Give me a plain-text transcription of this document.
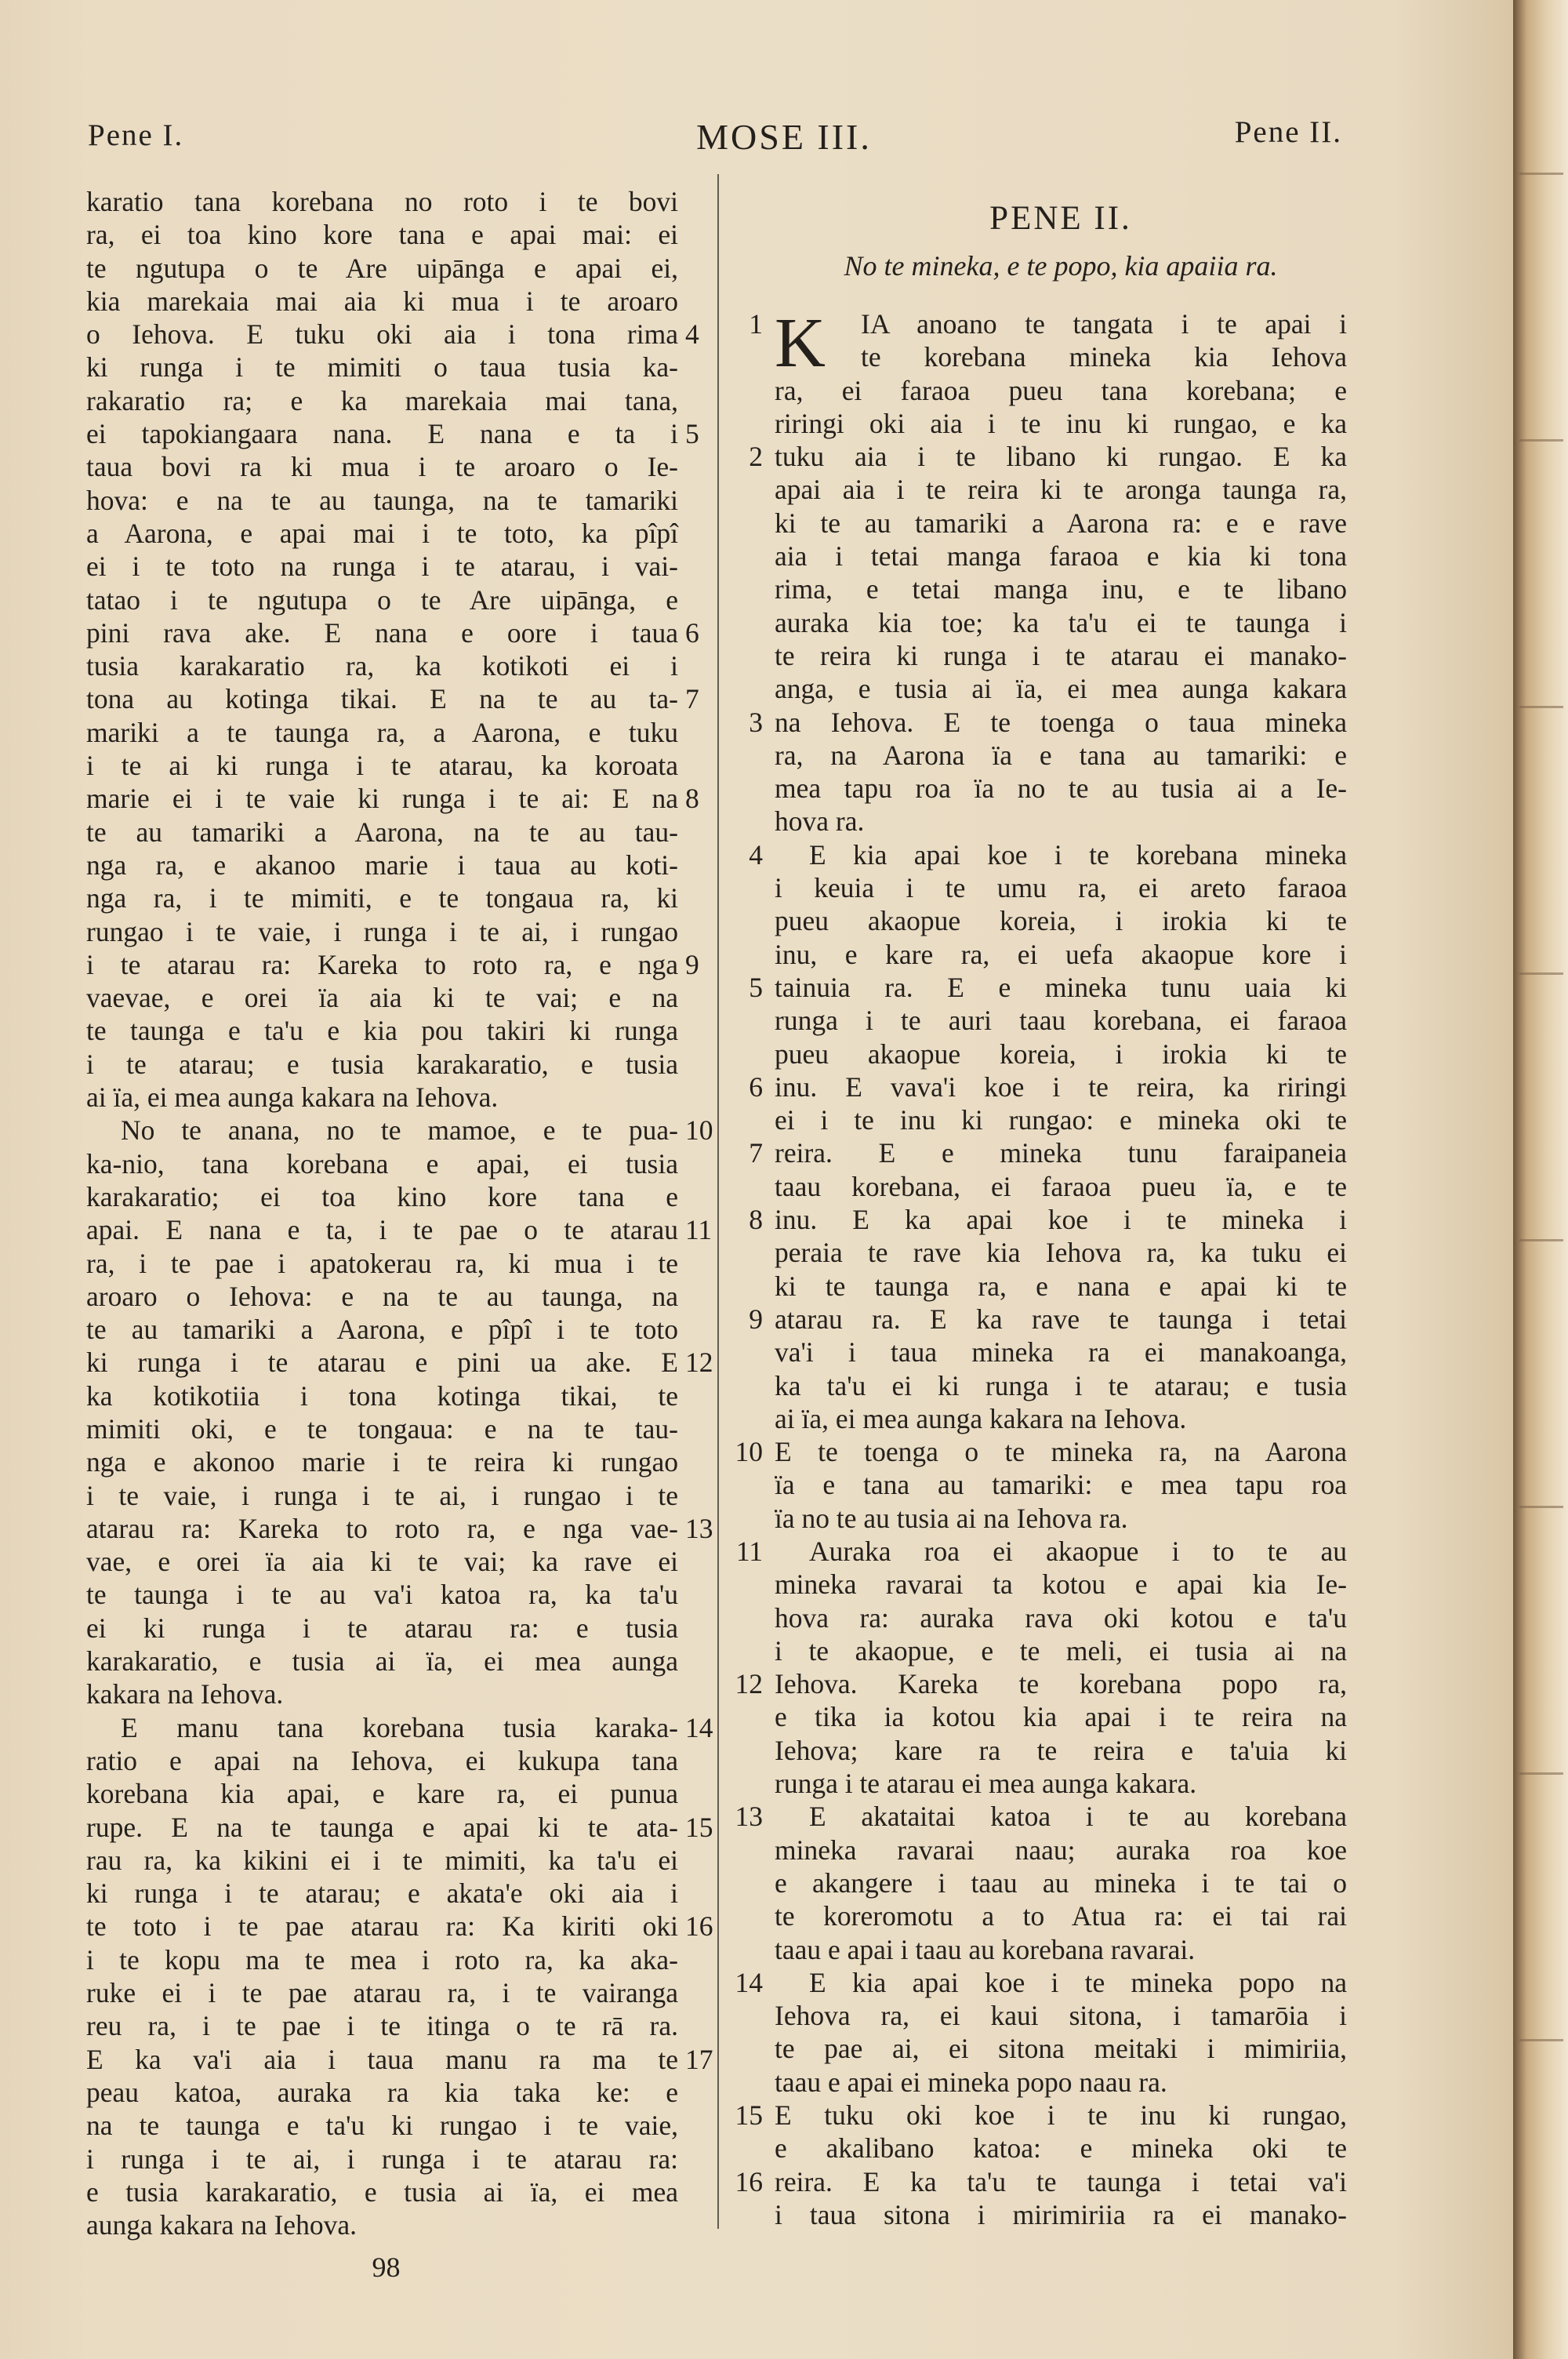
Pene I.	MOSE III.	Pene II.
karatio tana korebana no roto i te bovi
ra, ei toa kino kore tana e apai mai: ei
te ngutupa o te Are uipānga e apai ei,
kia marekaia mai aia ki mua i te aroaro
o Iehova. E tuku oki aia i tona rima 4
ki runga i te mimiti o taua tusia ka-
rakaratio ra; e ka marekaia mai tana,
ei tapokiangaara nana. E nana e ta i 5
taua bovi ra ki mua i te aroaro o Ie-
hova: e na te au taunga, na te tamariki
a Aarona, e apai mai i te toto, ka pîpî
ei i te toto na runga i te atarau, i vai-
tatao i te ngutupa o te Are uipānga, e
pini rava ake. E nana e oore i taua 6
tusia karakaratio ra, ka kotikoti ei i
tona au kotinga tikai. E na te au ta- 7
mariki a te taunga ra, a Aarona, e tuku
i te ai ki runga i te atarau, ka koroata
marie ei i te vaie ki runga i te ai: E na 8
te au tamariki a Aarona, na te au tau-
nga ra, e akanoo marie i taua au koti-
nga ra, i te mimiti, e te tongaua ra, ki
rungao i te vaie, i runga i te ai, i rungao
i te atarau ra: Kareka to roto ra, e nga 9
vaevae, e orei ïa aia ki te vai; e na
te taunga e ta'u e kia pou takiri ki runga
i te atarau; e tusia karakaratio, e tusia
ai ïa, ei mea aunga kakara na Iehova.
No te anana, no te mamoe, e te pua- 10
ka-nio, tana korebana e apai, ei tusia
karakaratio; ei toa kino kore tana e
apai. E nana e ta, i te pae o te atarau 11
ra, i te pae i apatokerau ra, ki mua i te
aroaro o Iehova: e na te au taunga, na
te au tamariki a Aarona, e pîpî i te toto
ki runga i te atarau e pini ua ake. E 12
ka kotikotiia i tona kotinga tikai, te
mimiti oki, e te tongaua: e na te tau-
nga e akonoo marie i te reira ki rungao
i te vaie, i runga i te ai, i rungao i te
atarau ra: Kareka to roto ra, e nga vae- 13
vae, e orei ïa aia ki te vai; ka rave ei
te taunga i te au va'i katoa ra, ka ta'u
ei ki runga i te atarau ra: e tusia
karakaratio, e tusia ai ïa, ei mea aunga
kakara na Iehova.
E manu tana korebana tusia karaka- 14
ratio e apai na Iehova, ei kukupa tana
korebana kia apai, e kare ra, ei punua
rupe. E na te taunga e apai ki te ata- 15
rau ra, ka kikini ei i te mimiti, ka ta'u ei
ki runga i te atarau; e akata'e oki aia i
te toto i te pae atarau ra: Ka kiriti oki 16
i te kopu ma te mea i roto ra, ka aka-
ruke ei i te pae atarau ra, i te vairanga
reu ra, i te pae i te itinga o te rā ra.
E ka va'i aia i taua manu ra ma te 17
peau katoa, auraka ra kia taka ke: e
na te taunga e ta'u ki rungao i te vaie,
i runga i te ai, i runga i te atarau ra:
e tusia karakaratio, e tusia ai ïa, ei mea
aunga kakara na Iehova.
PENE II.
No te mineka, e te popo, kia apaiia ra.
IA anoano te tangata i te apai i
1
te korebana mineka kia Iehova
ra, ei faraoa pueu tana korebana; e
riringi oki aia i te inu ki rungao, e ka
tuku aia i te libano ki rungao. E ka
2
apai aia i te reira ki te aronga taunga ra,
ki te au tamariki a Aarona ra: e e rave
aia i tetai manga faraoa e kia ki tona
rima, e tetai manga inu, e te libano
auraka kia toe; ka ta'u ei te taunga i
te reira ki runga i te atarau ei manako-
anga, e tusia ai ïa, ei mea aunga kakara
na Iehova. E te toenga o taua mineka
3
ra, na Aarona ïa e tana au tamariki: e
mea tapu roa ïa no te au tusia ai a Ie-
hova ra.
E kia apai koe i te korebana mineka
4
i keuia i te umu ra, ei areto faraoa
pueu akaopue koreia, i irokia ki te
inu, e kare ra, ei uefa akaopue kore i
tainuia ra. E e mineka tunu uaia ki
5
runga i te auri taau korebana, ei faraoa
pueu akaopue koreia, i irokia ki te
inu. E vava'i koe i te reira, ka riringi
6
ei i te inu ki rungao: e mineka oki te
reira. E e mineka tunu faraipaneia
7
taau korebana, ei faraoa pueu ïa, e te
inu. E ka apai koe i te mineka i
8
peraia te rave kia Iehova ra, ka tuku ei
ki te taunga ra, e nana e apai ki te
atarau ra. E ka rave te taunga i tetai
9
va'i i taua mineka ra ei manakoanga,
ka ta'u ei ki runga i te atarau; e tusia
ai ïa, ei mea aunga kakara na Iehova.
E te toenga o te mineka ra, na Aarona
10
ïa e tana au tamariki: e mea tapu roa
ïa no te au tusia ai na Iehova ra.
Auraka roa ei akaopue i to te au
11
mineka ravarai ta kotou e apai kia Ie-
hova ra: auraka rava oki kotou e ta'u
i te akaopue, e te meli, ei tusia ai na
Iehova. Kareka te korebana popo ra,
12
e tika ia kotou kia apai i te reira na
Iehova; kare ra te reira e ta'uia ki
runga i te atarau ei mea aunga kakara.
E akataitai katoa i te au korebana
13
mineka ravarai naau; auraka roa koe
e akangere i taau au mineka i te tai o
te koreromotu a to Atua ra: ei tai rai
taau e apai i taau au korebana ravarai.
E kia apai koe i te mineka popo na
14
Iehova ra, ei kaui sitona, i tamarōia i
te pae ai, ei sitona meitaki i mimiriia,
taau e apai ei mineka popo naau ra.
E tuku oki koe i te inu ki rungao,
15
e akalibano katoa: e mineka oki te
reira. E ka ta'u te taunga i tetai va'i
16
i taua sitona i mirimiriia ra ei manako-
K
98
